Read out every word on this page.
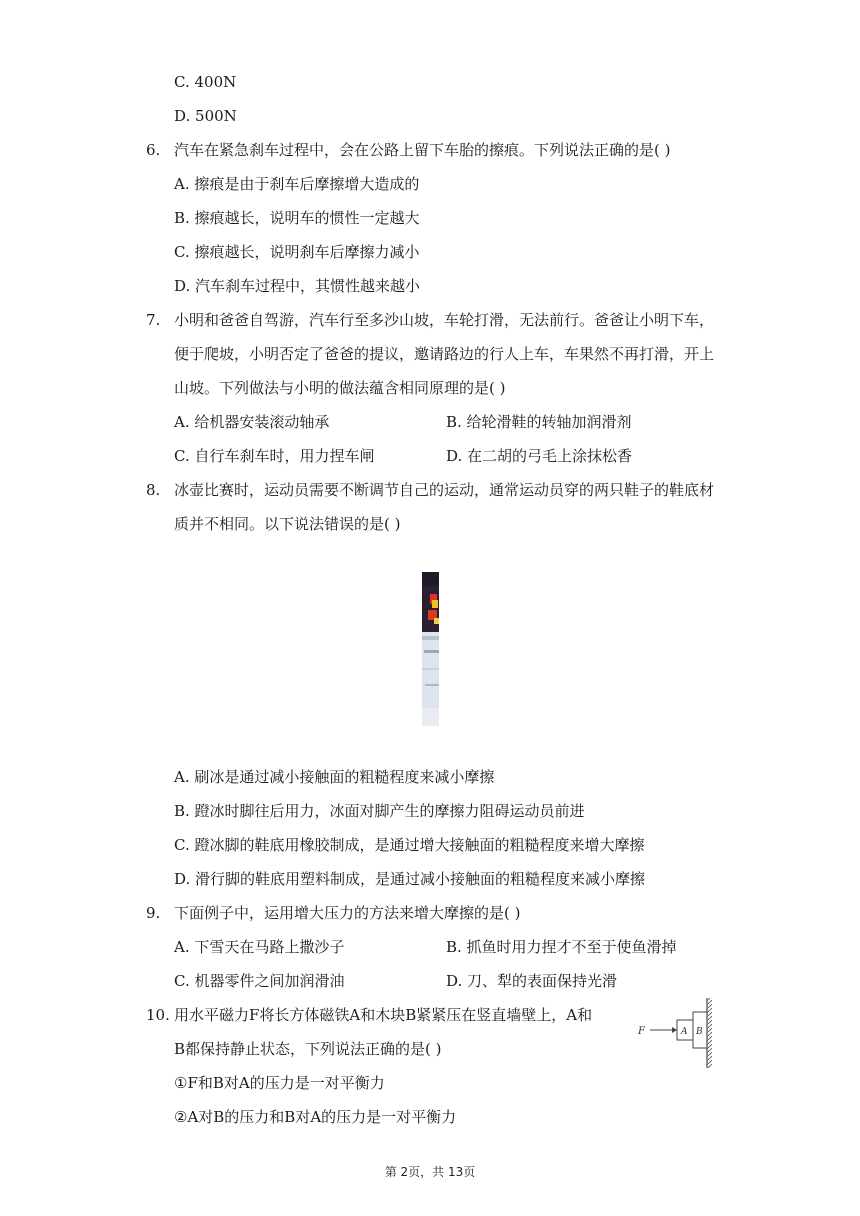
C. 400N
D. 500N
6. 汽车在紧急刹车过程中，会在公路上留下车胎的擦痕。下列说法正确的是( )
A. 擦痕是由于刹车后摩擦增大造成的
B. 擦痕越长，说明车的惯性一定越大
C. 擦痕越长，说明刹车后摩擦力减小
D. 汽车刹车过程中，其惯性越来越小
7. 小明和爸爸自驾游，汽车行至多沙山坡，车轮打滑，无法前行。爸爸让小明下车，
便于爬坡，小明否定了爸爸的提议，邀请路边的行人上车，车果然不再打滑，开上
山坡。下列做法与小明的做法蕴含相同原理的是( )
A. 给机器安装滚动轴承	B. 给轮滑鞋的转轴加润滑剂
C. 自行车刹车时，用力捏车闸	D. 在二胡的弓毛上涂抹松香
8. 冰壶比赛时，运动员需要不断调节自己的运动，通常运动员穿的两只鞋子的鞋底材
质并不相同。以下说法错误的是( )
A. 刷冰是通过减小接触面的粗糙程度来减小摩擦
B. 蹬冰时脚往后用力，冰面对脚产生的摩擦力阻碍运动员前进
C. 蹬冰脚的鞋底用橡胶制成，是通过增大接触面的粗糙程度来增大摩擦
D. 滑行脚的鞋底用塑料制成，是通过减小接触面的粗糙程度来减小摩擦
9. 下面例子中，运用增大压力的方法来增大摩擦的是( )
A. 下雪天在马路上撒沙子	B. 抓鱼时用力捏才不至于使鱼滑掉
C. 机器零件之间加润滑油	D. 刀、犁的表面保持光滑
10. 用水平磁力F将长方体磁铁A和木块B紧紧压在竖直墙壁上，A和
B都保持静止状态，下列说法正确的是( )
①F和B对A的压力是一对平衡力
②A对B的压力和B对A的压力是一对平衡力
F	A B
第 2页，共 13页
